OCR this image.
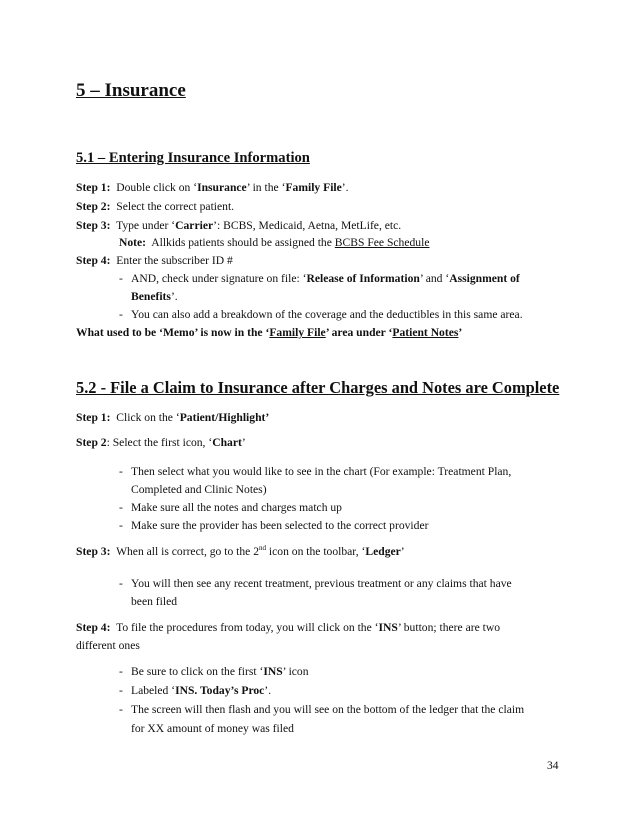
5 – Insurance
5.1 – Entering Insurance Information
Step 1: Double click on ‘Insurance’ in the ‘Family File’.
Step 2: Select the correct patient.
Step 3: Type under ‘Carrier’: BCBS, Medicaid, Aetna, MetLife, etc.
Note: Allkids patients should be assigned the BCBS Fee Schedule
Step 4: Enter the subscriber ID #
- AND, check under signature on file: ‘Release of Information’ and ‘Assignment of
Benefits’.
- You can also add a breakdown of the coverage and the deductibles in this same area.
What used to be ‘Memo’ is now in the ‘Family File’ area under ‘Patient Notes’
5.2 - File a Claim to Insurance after Charges and Notes are Complete
Step 1: Click on the ‘Patient/Highlight’
Step 2: Select the first icon, ‘Chart’
- Then select what you would like to see in the chart (For example: Treatment Plan,
Completed and Clinic Notes)
- Make sure all the notes and charges match up
- Make sure the provider has been selected to the correct provider
Step 3: When all is correct, go to the 2nd icon on the toolbar, ‘Ledger’
- You will then see any recent treatment, previous treatment or any claims that have
been filed
Step 4: To file the procedures from today, you will click on the ‘INS’ button; there are two
different ones
- Be sure to click on the first ‘INS’ icon
- Labeled ‘INS. Today’s Proc’.
- The screen will then flash and you will see on the bottom of the ledger that the claim
for XX amount of money was filed
34
